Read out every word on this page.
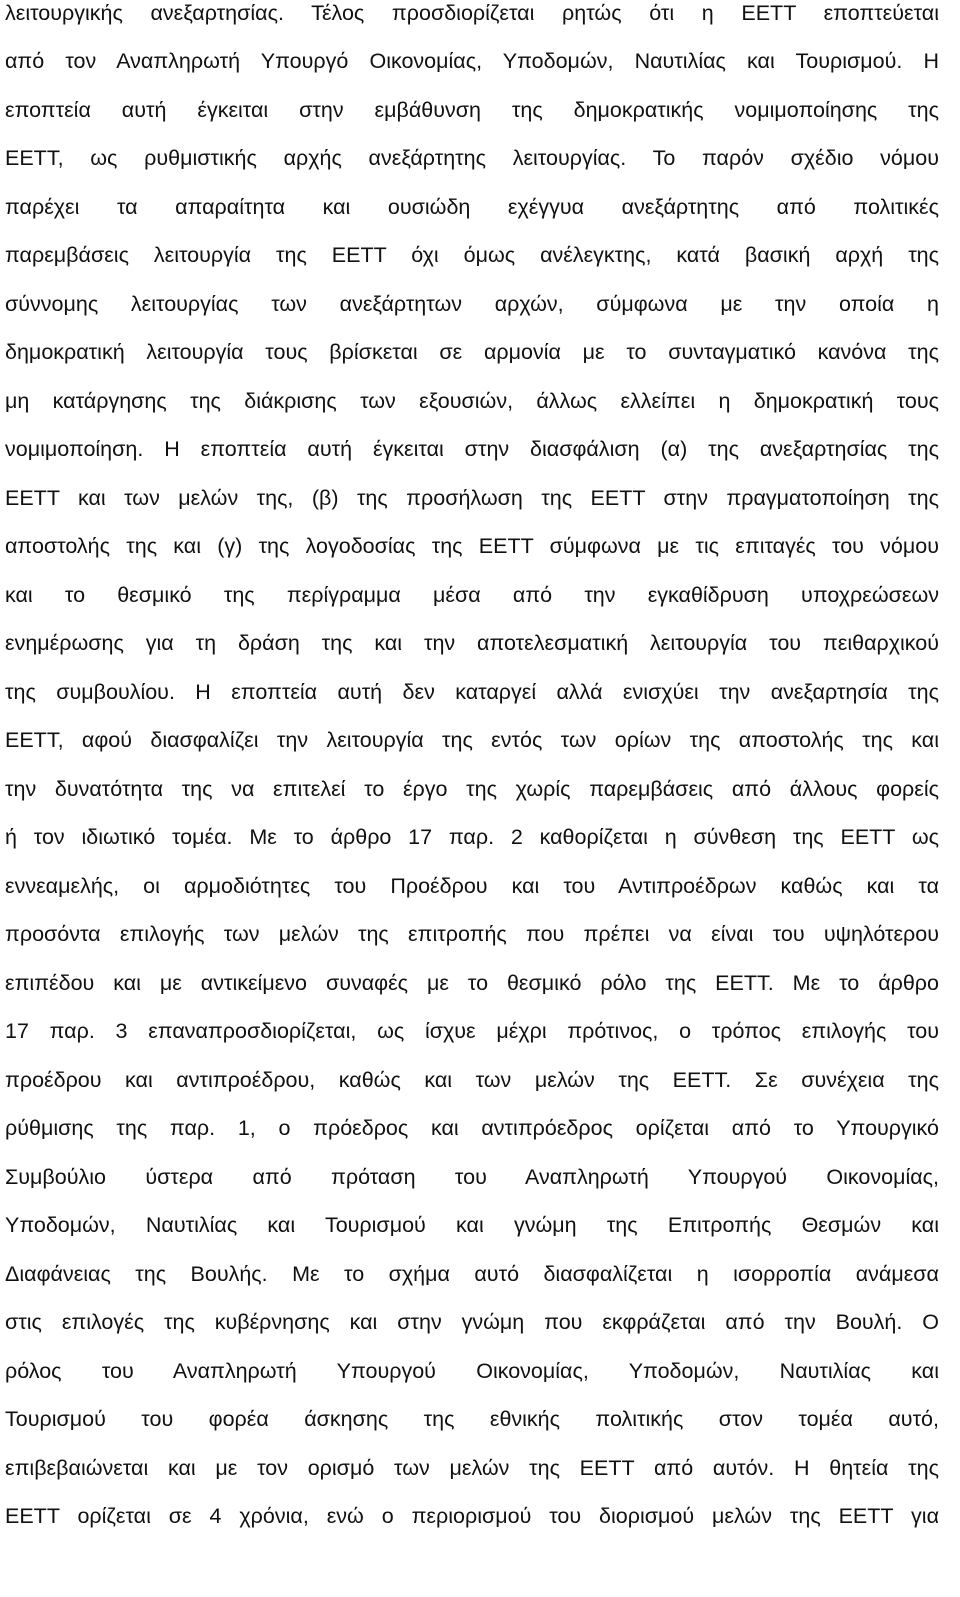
λειτουργικής ανεξαρτησίας. Τέλος προσδιορίζεται ρητώς ότι η ΕΕΤΤ εποπτεύεται
από τον Αναπληρωτή Υπουργό Οικονομίας, Υποδομών, Ναυτιλίας και Τουρισμού. Η
εποπτεία αυτή έγκειται στην εμβάθυνση της δημοκρατικής νομιμοποίησης της
ΕΕΤΤ, ως ρυθμιστικής αρχής ανεξάρτητης λειτουργίας. Το παρόν σχέδιο νόμου
παρέχει τα απαραίτητα και ουσιώδη εχέγγυα ανεξάρτητης από πολιτικές
παρεμβάσεις λειτουργία της ΕΕΤΤ όχι όμως ανέλεγκτης, κατά βασική αρχή της
σύννομης λειτουργίας των ανεξάρτητων αρχών, σύμφωνα με την οποία η
δημοκρατική λειτουργία τους βρίσκεται σε αρμονία με το συνταγματικό κανόνα της
μη κατάργησης της διάκρισης των εξουσιών, άλλως ελλείπει η δημοκρατική τους
νομιμοποίηση. Η εποπτεία αυτή έγκειται στην διασφάλιση (α) της ανεξαρτησίας της
ΕΕΤΤ και των μελών της, (β) της προσήλωση της ΕΕΤΤ στην πραγματοποίηση της
αποστολής της και (γ) της λογοδοσίας της ΕΕΤΤ σύμφωνα με τις επιταγές του νόμου
και το θεσμικό της περίγραμμα μέσα από την εγκαθίδρυση υποχρεώσεων
ενημέρωσης για τη δράση της και την αποτελεσματική λειτουργία του πειθαρχικού
της συμβουλίου. Η εποπτεία αυτή δεν καταργεί αλλά ενισχύει την ανεξαρτησία της
ΕΕΤΤ, αφού διασφαλίζει την λειτουργία της εντός των ορίων της αποστολής της και
την δυνατότητα της να επιτελεί το έργο της χωρίς παρεμβάσεις από άλλους φορείς
ή τον ιδιωτικό τομέα. Με το άρθρο 17 παρ. 2 καθορίζεται η σύνθεση της ΕΕΤΤ ως
εννεαμελής, οι αρμοδιότητες του Προέδρου και του Αντιπροέδρων καθώς και τα
προσόντα επιλογής των μελών της επιτροπής που πρέπει να είναι του υψηλότερου
επιπέδου και με αντικείμενο συναφές με το θεσμικό ρόλο της ΕΕΤΤ. Με το άρθρο
17 παρ. 3 επαναπροσδιορίζεται, ως ίσχυε μέχρι πρότινος, ο τρόπος επιλογής του
προέδρου και αντιπροέδρου, καθώς και των μελών της ΕΕΤΤ. Σε συνέχεια της
ρύθμισης της παρ. 1, ο πρόεδρος και αντιπρόεδρος ορίζεται από το Υπουργικό
Συμβούλιο ύστερα από πρόταση του Αναπληρωτή Υπουργού Οικονομίας,
Υποδομών, Ναυτιλίας και Τουρισμού και γνώμη της Επιτροπής Θεσμών και
Διαφάνειας της Βουλής. Με το σχήμα αυτό διασφαλίζεται η ισορροπία ανάμεσα
στις επιλογές της κυβέρνησης και στην γνώμη που εκφράζεται από την Βουλή. Ο
ρόλος του Αναπληρωτή Υπουργού Οικονομίας, Υποδομών, Ναυτιλίας και
Τουρισμού του φορέα άσκησης της εθνικής πολιτικής στον τομέα αυτό,
επιβεβαιώνεται και με τον ορισμό των μελών της ΕΕΤΤ από αυτόν. Η θητεία της
ΕΕΤΤ ορίζεται σε 4 χρόνια, ενώ ο περιορισμού του διορισμού μελών της ΕΕΤΤ για
